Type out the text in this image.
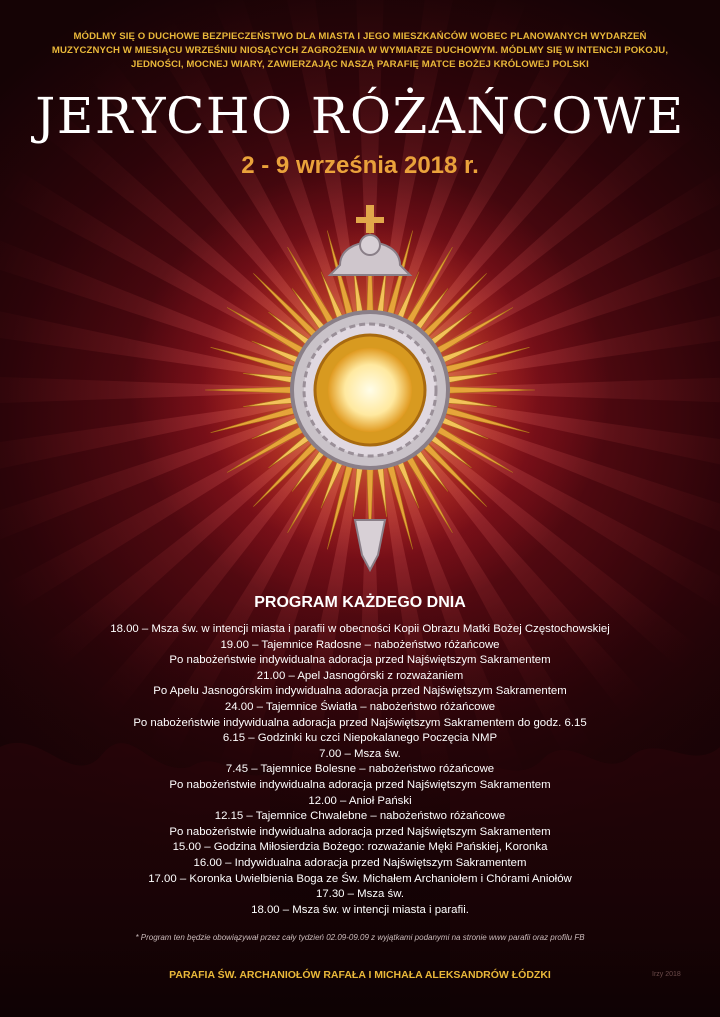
MÓDLMY SIĘ O DUCHOWE BEZPIECZEŃSTWO DLA MIASTA I JEGO MIESZKAŃCÓW WOBEC PLANOWANYCH WYDARZEŃ
MUZYCZNYCH W MIESIĄCU WRZEŚNIU NIOSĄCYCH ZAGROŻENIA W WYMIARZE DUCHOWYM. MÓDLMY SIĘ W INTENCJI POKOJU,
JEDNOŚCI, MOCNEJ WIARY, ZAWIERZAJĄC NASZĄ PARAFIĘ MATCE BOŻEJ KRÓLOWEJ POLSKI
JERYCHO RÓŻAŃCOWE
2 - 9 września 2018 r.
PROGRAM KAŻDEGO DNIA
18.00 – Msza św. w intencji miasta i parafii w obecności Kopii Obrazu Matki Bożej Częstochowskiej
19.00 – Tajemnice Radosne – nabożeństwo różańcowe
Po nabożeństwie indywidualna adoracja przed Najświętszym Sakramentem
21.00 – Apel Jasnogórski z rozważaniem
Po Apelu Jasnogórskim indywidualna adoracja przed Najświętszym Sakramentem
24.00 – Tajemnice Światła – nabożeństwo różańcowe
Po nabożeństwie indywidualna adoracja przed Najświętszym Sakramentem do godz. 6.15
6.15 – Godzinki ku czci Niepokalanego Poczęcia NMP
7.00 – Msza św.
7.45 – Tajemnice Bolesne – nabożeństwo różańcowe
Po nabożeństwie indywidualna adoracja przed Najświętszym Sakramentem
12.00 – Anioł Pański
12.15 – Tajemnice Chwalebne – nabożeństwo różańcowe
Po nabożeństwie indywidualna adoracja przed Najświętszym Sakramentem
15.00 – Godzina Miłosierdzia Bożego: rozważanie Męki Pańskiej, Koronka
16.00 – Indywidualna adoracja przed Najświętszym Sakramentem
17.00 – Koronka Uwielbienia Boga ze Św. Michałem Archaniołem i Chórami Aniołów
17.30 – Msza św.
18.00 – Msza św. w intencji miasta i parafii.
* Program ten będzie obowiązywał przez cały tydzień 02.09-09.09 z wyjątkami podanymi na stronie www parafii oraz profilu FB
PARAFIA ŚW. ARCHANIOŁÓW RAFAŁA I MICHAŁA ALEKSANDRÓW ŁÓDZKI	Irzy 2018
